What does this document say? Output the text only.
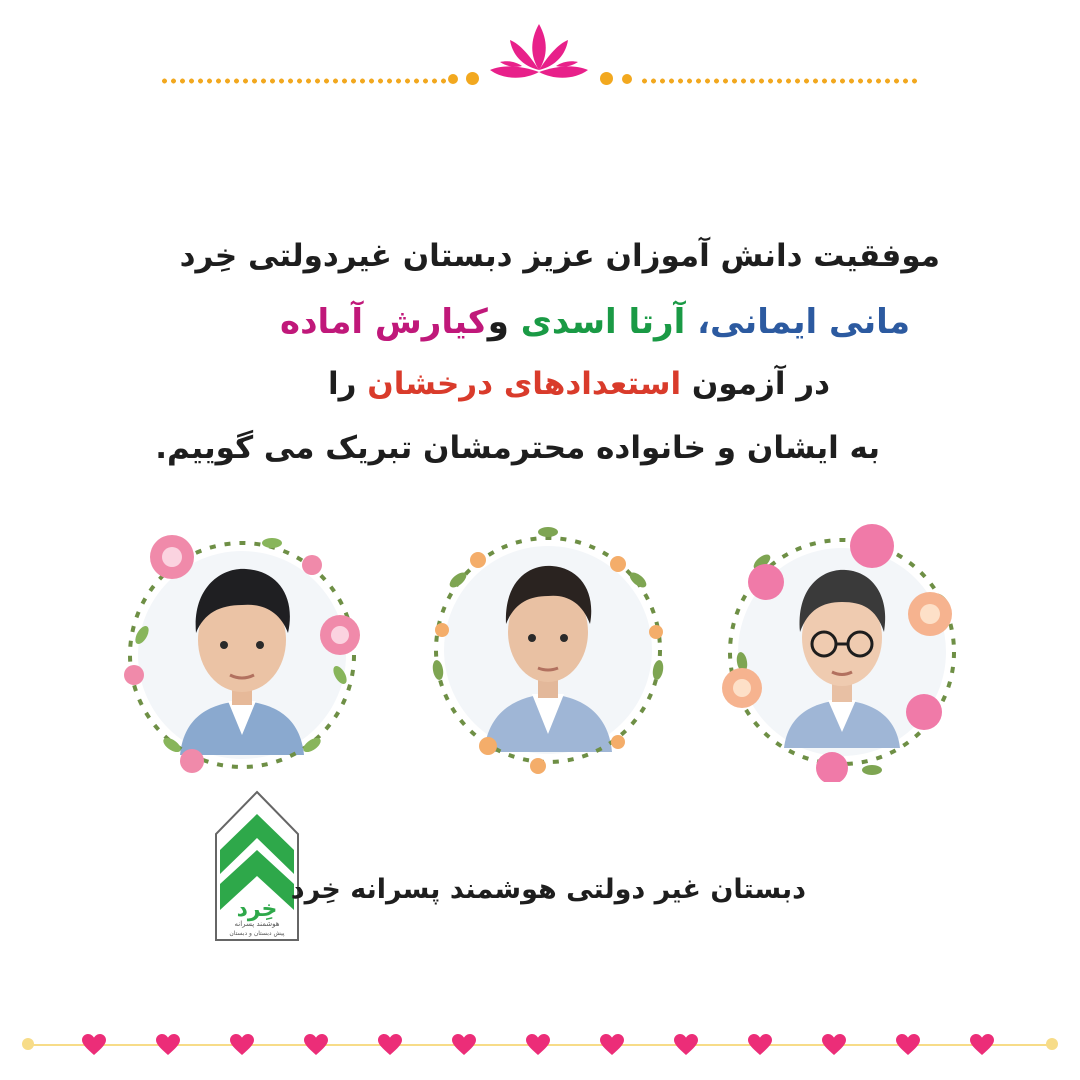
موفقیت دانش آموزان عزیز دبستان غیردولتی خِرد
مانی ایمانی، آرتا اسدی وکیارش آماده
در آزمون استعدادهای درخشان را
به ایشان و خانواده محترمشان تبریک می گوییم.
خِرد
هوشمند پسرانه
پیش دبستان و دبستان
دبستان غیر دولتی هوشمند پسرانه خِرد
